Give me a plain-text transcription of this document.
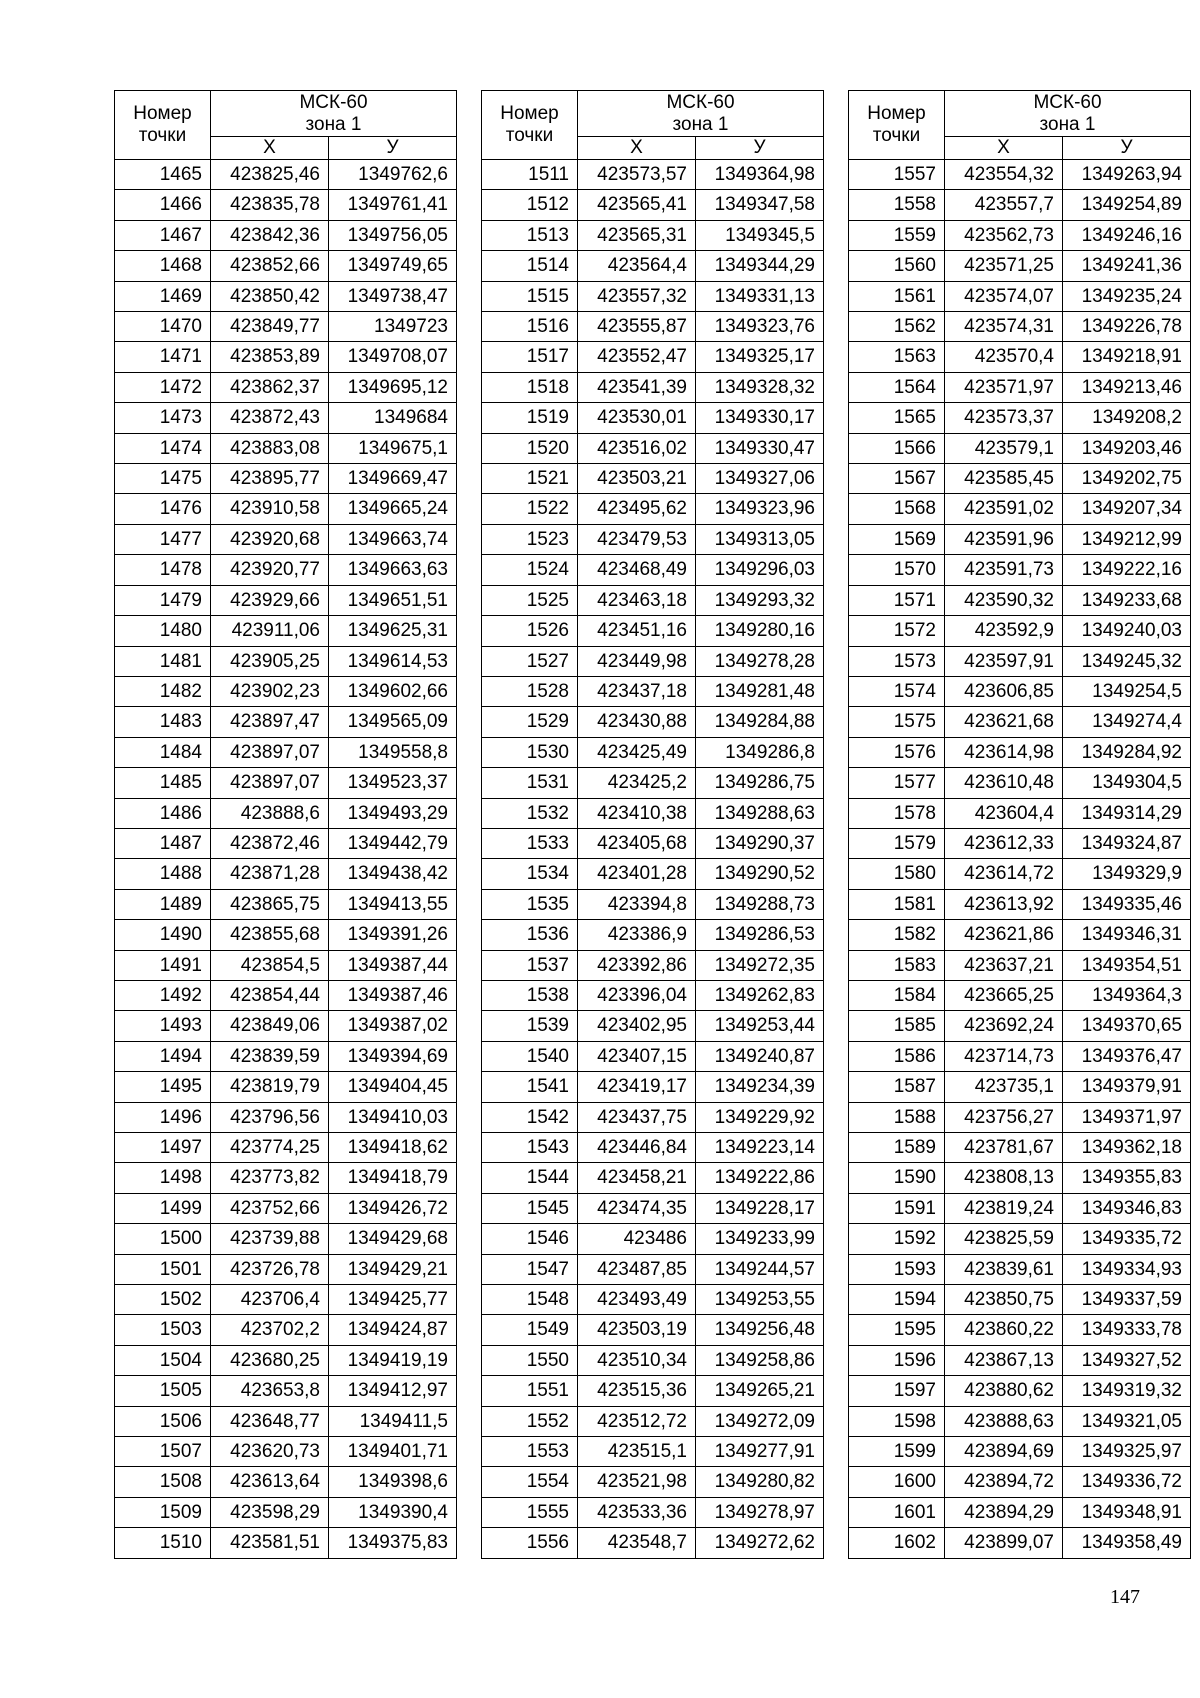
Номер
точки	МСК-60
зона 1	
	Х	У
1465	423825,46	1349762,6
1466	423835,78	1349761,41
1467	423842,36	1349756,05
1468	423852,66	1349749,65
1469	423850,42	1349738,47
1470	423849,77	1349723
1471	423853,89	1349708,07
1472	423862,37	1349695,12
1473	423872,43	1349684
1474	423883,08	1349675,1
1475	423895,77	1349669,47
1476	423910,58	1349665,24
1477	423920,68	1349663,74
1478	423920,77	1349663,63
1479	423929,66	1349651,51
1480	423911,06	1349625,31
1481	423905,25	1349614,53
1482	423902,23	1349602,66
1483	423897,47	1349565,09
1484	423897,07	1349558,8
1485	423897,07	1349523,37
1486	423888,6	1349493,29
1487	423872,46	1349442,79
1488	423871,28	1349438,42
1489	423865,75	1349413,55
1490	423855,68	1349391,26
1491	423854,5	1349387,44
1492	423854,44	1349387,46
1493	423849,06	1349387,02
1494	423839,59	1349394,69
1495	423819,79	1349404,45
1496	423796,56	1349410,03
1497	423774,25	1349418,62
1498	423773,82	1349418,79
1499	423752,66	1349426,72
1500	423739,88	1349429,68
1501	423726,78	1349429,21
1502	423706,4	1349425,77
1503	423702,2	1349424,87
1504	423680,25	1349419,19
1505	423653,8	1349412,97
1506	423648,77	1349411,5
1507	423620,73	1349401,71
1508	423613,64	1349398,6
1509	423598,29	1349390,4
1510	423581,51	1349375,83
Номер
точки	МСК-60
зона 1	
	Х	У
1511	423573,57	1349364,98
1512	423565,41	1349347,58
1513	423565,31	1349345,5
1514	423564,4	1349344,29
1515	423557,32	1349331,13
1516	423555,87	1349323,76
1517	423552,47	1349325,17
1518	423541,39	1349328,32
1519	423530,01	1349330,17
1520	423516,02	1349330,47
1521	423503,21	1349327,06
1522	423495,62	1349323,96
1523	423479,53	1349313,05
1524	423468,49	1349296,03
1525	423463,18	1349293,32
1526	423451,16	1349280,16
1527	423449,98	1349278,28
1528	423437,18	1349281,48
1529	423430,88	1349284,88
1530	423425,49	1349286,8
1531	423425,2	1349286,75
1532	423410,38	1349288,63
1533	423405,68	1349290,37
1534	423401,28	1349290,52
1535	423394,8	1349288,73
1536	423386,9	1349286,53
1537	423392,86	1349272,35
1538	423396,04	1349262,83
1539	423402,95	1349253,44
1540	423407,15	1349240,87
1541	423419,17	1349234,39
1542	423437,75	1349229,92
1543	423446,84	1349223,14
1544	423458,21	1349222,86
1545	423474,35	1349228,17
1546	423486	1349233,99
1547	423487,85	1349244,57
1548	423493,49	1349253,55
1549	423503,19	1349256,48
1550	423510,34	1349258,86
1551	423515,36	1349265,21
1552	423512,72	1349272,09
1553	423515,1	1349277,91
1554	423521,98	1349280,82
1555	423533,36	1349278,97
1556	423548,7	1349272,62
Номер
точки	МСК-60
зона 1	
	Х	У
1557	423554,32	1349263,94
1558	423557,7	1349254,89
1559	423562,73	1349246,16
1560	423571,25	1349241,36
1561	423574,07	1349235,24
1562	423574,31	1349226,78
1563	423570,4	1349218,91
1564	423571,97	1349213,46
1565	423573,37	1349208,2
1566	423579,1	1349203,46
1567	423585,45	1349202,75
1568	423591,02	1349207,34
1569	423591,96	1349212,99
1570	423591,73	1349222,16
1571	423590,32	1349233,68
1572	423592,9	1349240,03
1573	423597,91	1349245,32
1574	423606,85	1349254,5
1575	423621,68	1349274,4
1576	423614,98	1349284,92
1577	423610,48	1349304,5
1578	423604,4	1349314,29
1579	423612,33	1349324,87
1580	423614,72	1349329,9
1581	423613,92	1349335,46
1582	423621,86	1349346,31
1583	423637,21	1349354,51
1584	423665,25	1349364,3
1585	423692,24	1349370,65
1586	423714,73	1349376,47
1587	423735,1	1349379,91
1588	423756,27	1349371,97
1589	423781,67	1349362,18
1590	423808,13	1349355,83
1591	423819,24	1349346,83
1592	423825,59	1349335,72
1593	423839,61	1349334,93
1594	423850,75	1349337,59
1595	423860,22	1349333,78
1596	423867,13	1349327,52
1597	423880,62	1349319,32
1598	423888,63	1349321,05
1599	423894,69	1349325,97
1600	423894,72	1349336,72
1601	423894,29	1349348,91
1602	423899,07	1349358,49
147
